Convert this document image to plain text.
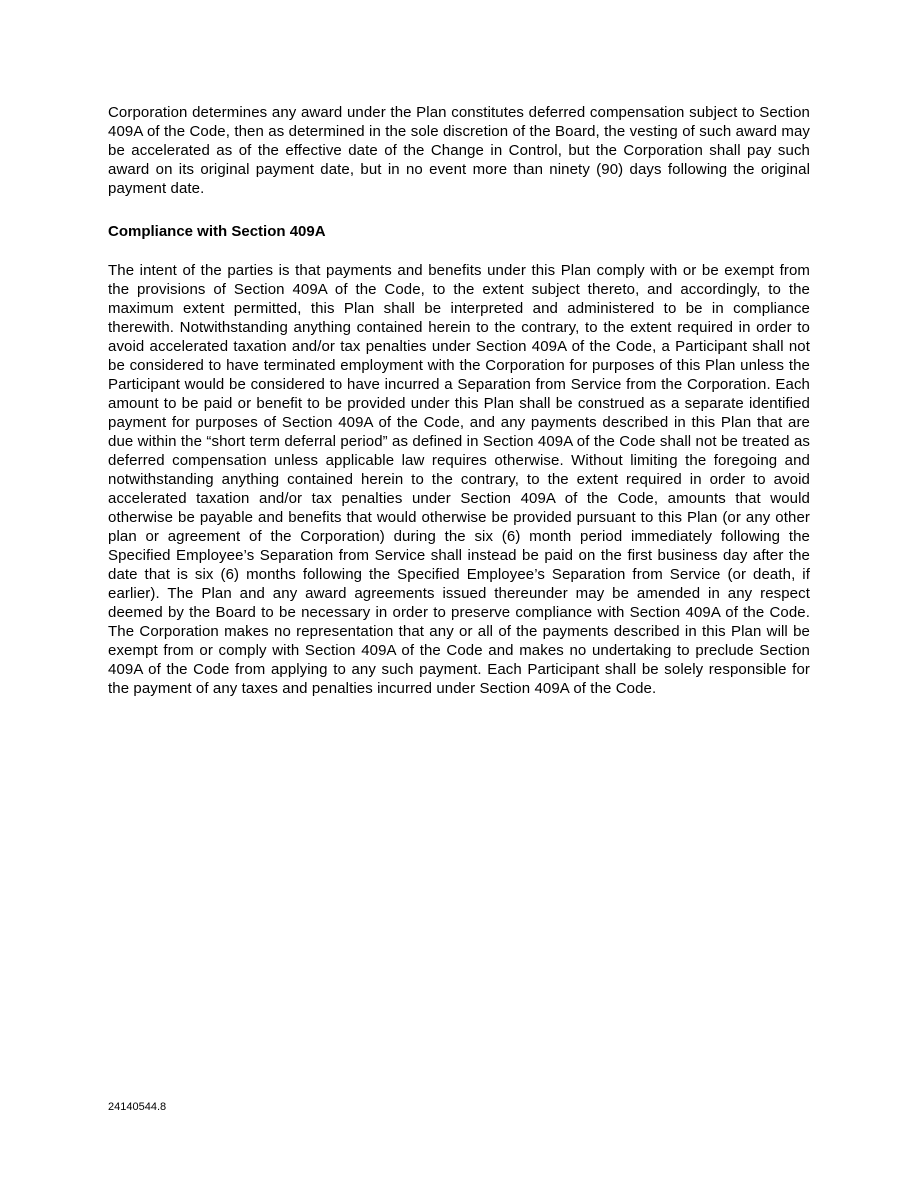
Corporation determines any award under the Plan constitutes deferred compensation subject to Section 409A of the Code, then as determined in the sole discretion of the Board, the vesting of such award may be accelerated as of the effective date of the Change in Control, but the Corporation shall pay such award on its original payment date, but in no event more than ninety (90) days following the original payment date.

Compliance with Section 409A

The intent of the parties is that payments and benefits under this Plan comply with or be exempt from the provisions of Section 409A of the Code, to the extent subject thereto, and accordingly, to the maximum extent permitted, this Plan shall be interpreted and administered to be in compliance therewith. Notwithstanding anything contained herein to the contrary, to the extent required in order to avoid accelerated taxation and/or tax penalties under Section 409A of the Code, a Participant shall not be considered to have terminated employment with the Corporation for purposes of this Plan unless the Participant would be considered to have incurred a Separation from Service from the Corporation. Each amount to be paid or benefit to be provided under this Plan shall be construed as a separate identified payment for purposes of Section 409A of the Code, and any payments described in this Plan that are due within the “short term deferral period” as defined in Section 409A of the Code shall not be treated as deferred compensation unless applicable law requires otherwise. Without limiting the foregoing and notwithstanding anything contained herein to the contrary, to the extent required in order to avoid accelerated taxation and/or tax penalties under Section 409A of the Code, amounts that would otherwise be payable and benefits that would otherwise be provided pursuant to this Plan (or any other plan or agreement of the Corporation) during the six (6) month period immediately following the Specified Employee’s Separation from Service shall instead be paid on the first business day after the date that is six (6) months following the Specified Employee’s Separation from Service (or death, if earlier). The Plan and any award agreements issued thereunder may be amended in any respect deemed by the Board to be necessary in order to preserve compliance with Section 409A of the Code. The Corporation makes no representation that any or all of the payments described in this Plan will be exempt from or comply with Section 409A of the Code and makes no undertaking to preclude Section 409A of the Code from applying to any such payment. Each Participant shall be solely responsible for the payment of any taxes and penalties incurred under Section 409A of the Code.

24140544.8
